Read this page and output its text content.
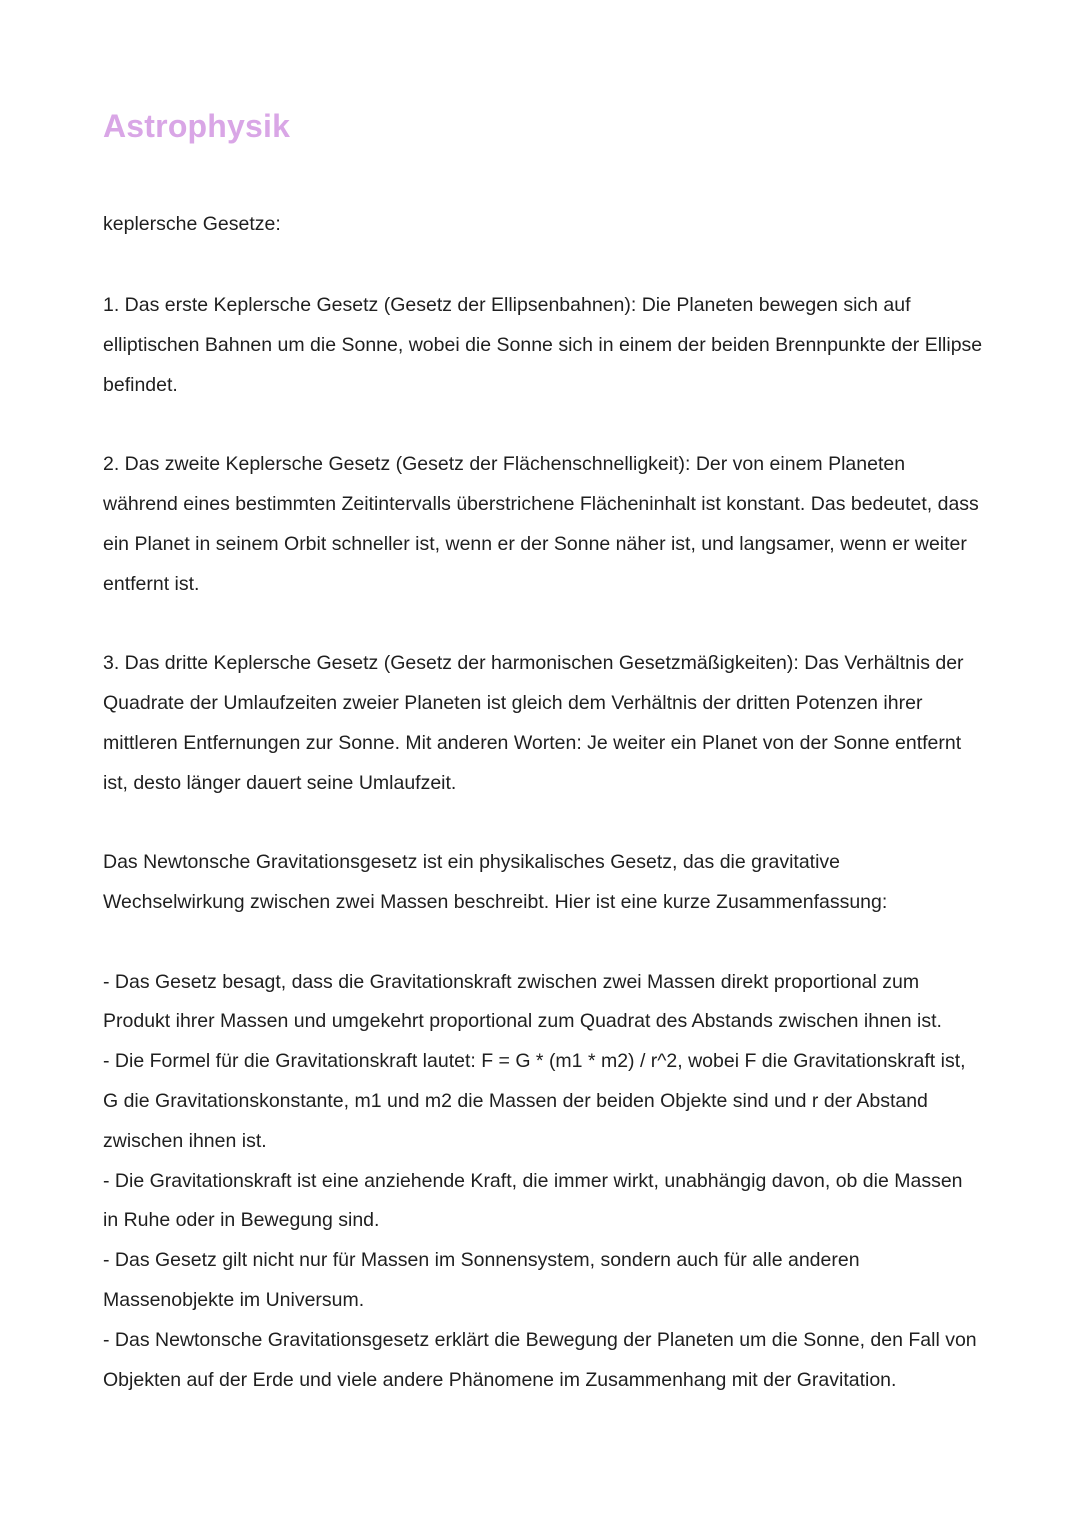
Astrophysik

keplersche Gesetze:

1. Das erste Keplersche Gesetz (Gesetz der Ellipsenbahnen): Die Planeten bewegen sich auf elliptischen Bahnen um die Sonne, wobei die Sonne sich in einem der beiden Brennpunkte der Ellipse befindet.

2. Das zweite Keplersche Gesetz (Gesetz der Flächenschnelligkeit): Der von einem Planeten während eines bestimmten Zeitintervalls überstrichene Flächeninhalt ist konstant. Das bedeutet, dass ein Planet in seinem Orbit schneller ist, wenn er der Sonne näher ist, und langsamer, wenn er weiter entfernt ist.

3. Das dritte Keplersche Gesetz (Gesetz der harmonischen Gesetzmäßigkeiten): Das Verhältnis der Quadrate der Umlaufzeiten zweier Planeten ist gleich dem Verhältnis der dritten Potenzen ihrer mittleren Entfernungen zur Sonne. Mit anderen Worten: Je weiter ein Planet von der Sonne entfernt ist, desto länger dauert seine Umlaufzeit.

Das Newtonsche Gravitationsgesetz ist ein physikalisches Gesetz, das die gravitative Wechselwirkung zwischen zwei Massen beschreibt. Hier ist eine kurze Zusammenfassung:

- Das Gesetz besagt, dass die Gravitationskraft zwischen zwei Massen direkt proportional zum Produkt ihrer Massen und umgekehrt proportional zum Quadrat des Abstands zwischen ihnen ist.
- Die Formel für die Gravitationskraft lautet: F = G * (m1 * m2) / r^2, wobei F die Gravitationskraft ist, G die Gravitationskonstante, m1 und m2 die Massen der beiden Objekte sind und r der Abstand zwischen ihnen ist.
- Die Gravitationskraft ist eine anziehende Kraft, die immer wirkt, unabhängig davon, ob die Massen in Ruhe oder in Bewegung sind.
- Das Gesetz gilt nicht nur für Massen im Sonnensystem, sondern auch für alle anderen Massenobjekte im Universum.
- Das Newtonsche Gravitationsgesetz erklärt die Bewegung der Planeten um die Sonne, den Fall von Objekten auf der Erde und viele andere Phänomene im Zusammenhang mit der Gravitation.
